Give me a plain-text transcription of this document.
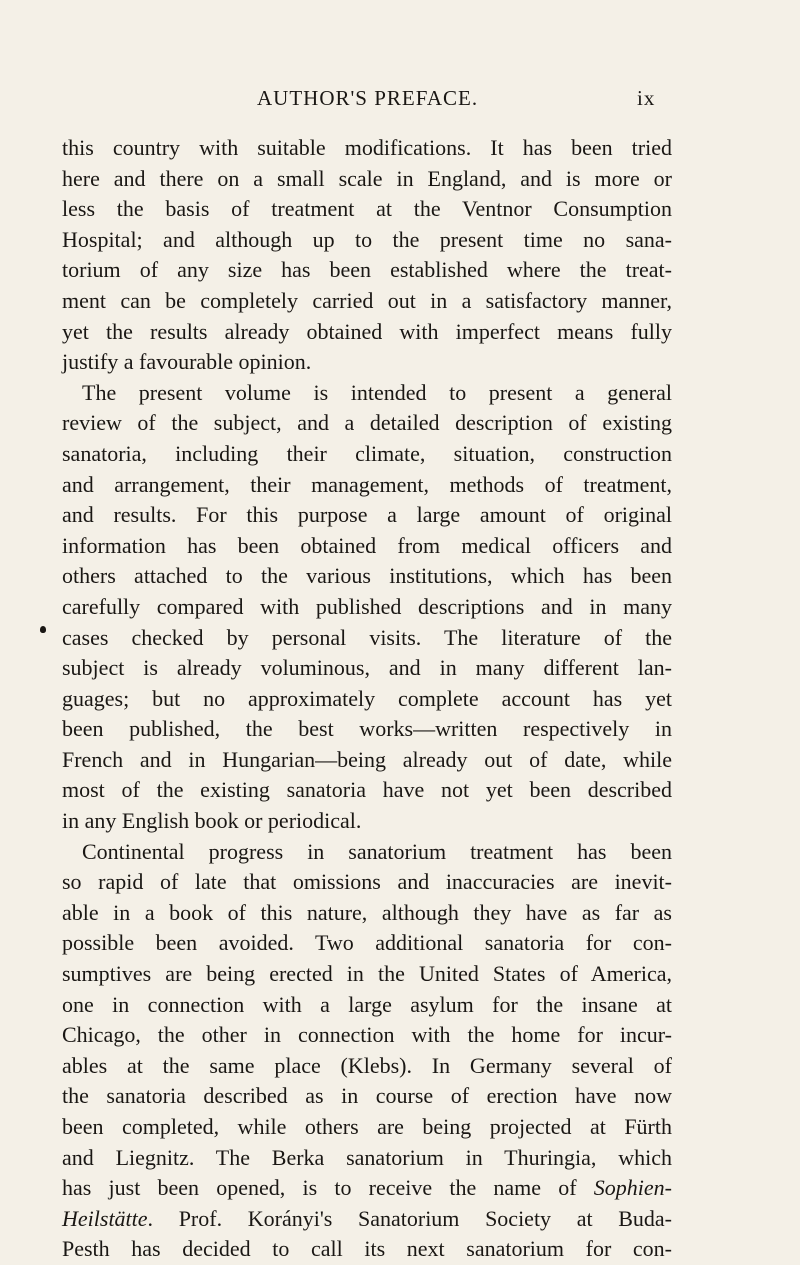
AUTHOR'S PREFACE.	ix
this country with suitable modifications. It has been tried
here and there on a small scale in England, and is more or
less the basis of treatment at the Ventnor Consumption
Hospital; and although up to the present time no sana-
torium of any size has been established where the treat-
ment can be completely carried out in a satisfactory manner,
yet the results already obtained with imperfect means fully
justify a favourable opinion.
The present volume is intended to present a general
review of the subject, and a detailed description of existing
sanatoria, including their climate, situation, construction
and arrangement, their management, methods of treatment,
and results. For this purpose a large amount of original
information has been obtained from medical officers and
others attached to the various institutions, which has been
carefully compared with published descriptions and in many
cases checked by personal visits. The literature of the
subject is already voluminous, and in many different lan-
guages; but no approximately complete account has yet
been published, the best works—written respectively in
French and in Hungarian—being already out of date, while
most of the existing sanatoria have not yet been described
in any English book or periodical.
Continental progress in sanatorium treatment has been
so rapid of late that omissions and inaccuracies are inevit-
able in a book of this nature, although they have as far as
possible been avoided. Two additional sanatoria for con-
sumptives are being erected in the United States of America,
one in connection with a large asylum for the insane at
Chicago, the other in connection with the home for incur-
ables at the same place (Klebs). In Germany several of
the sanatoria described as in course of erection have now
been completed, while others are being projected at Fürth
and Liegnitz. The Berka sanatorium in Thuringia, which
has just been opened, is to receive the name of Sophien-
Heilstätte. Prof. Korányi's Sanatorium Society at Buda-
Pesth has decided to call its next sanatorium for con-
